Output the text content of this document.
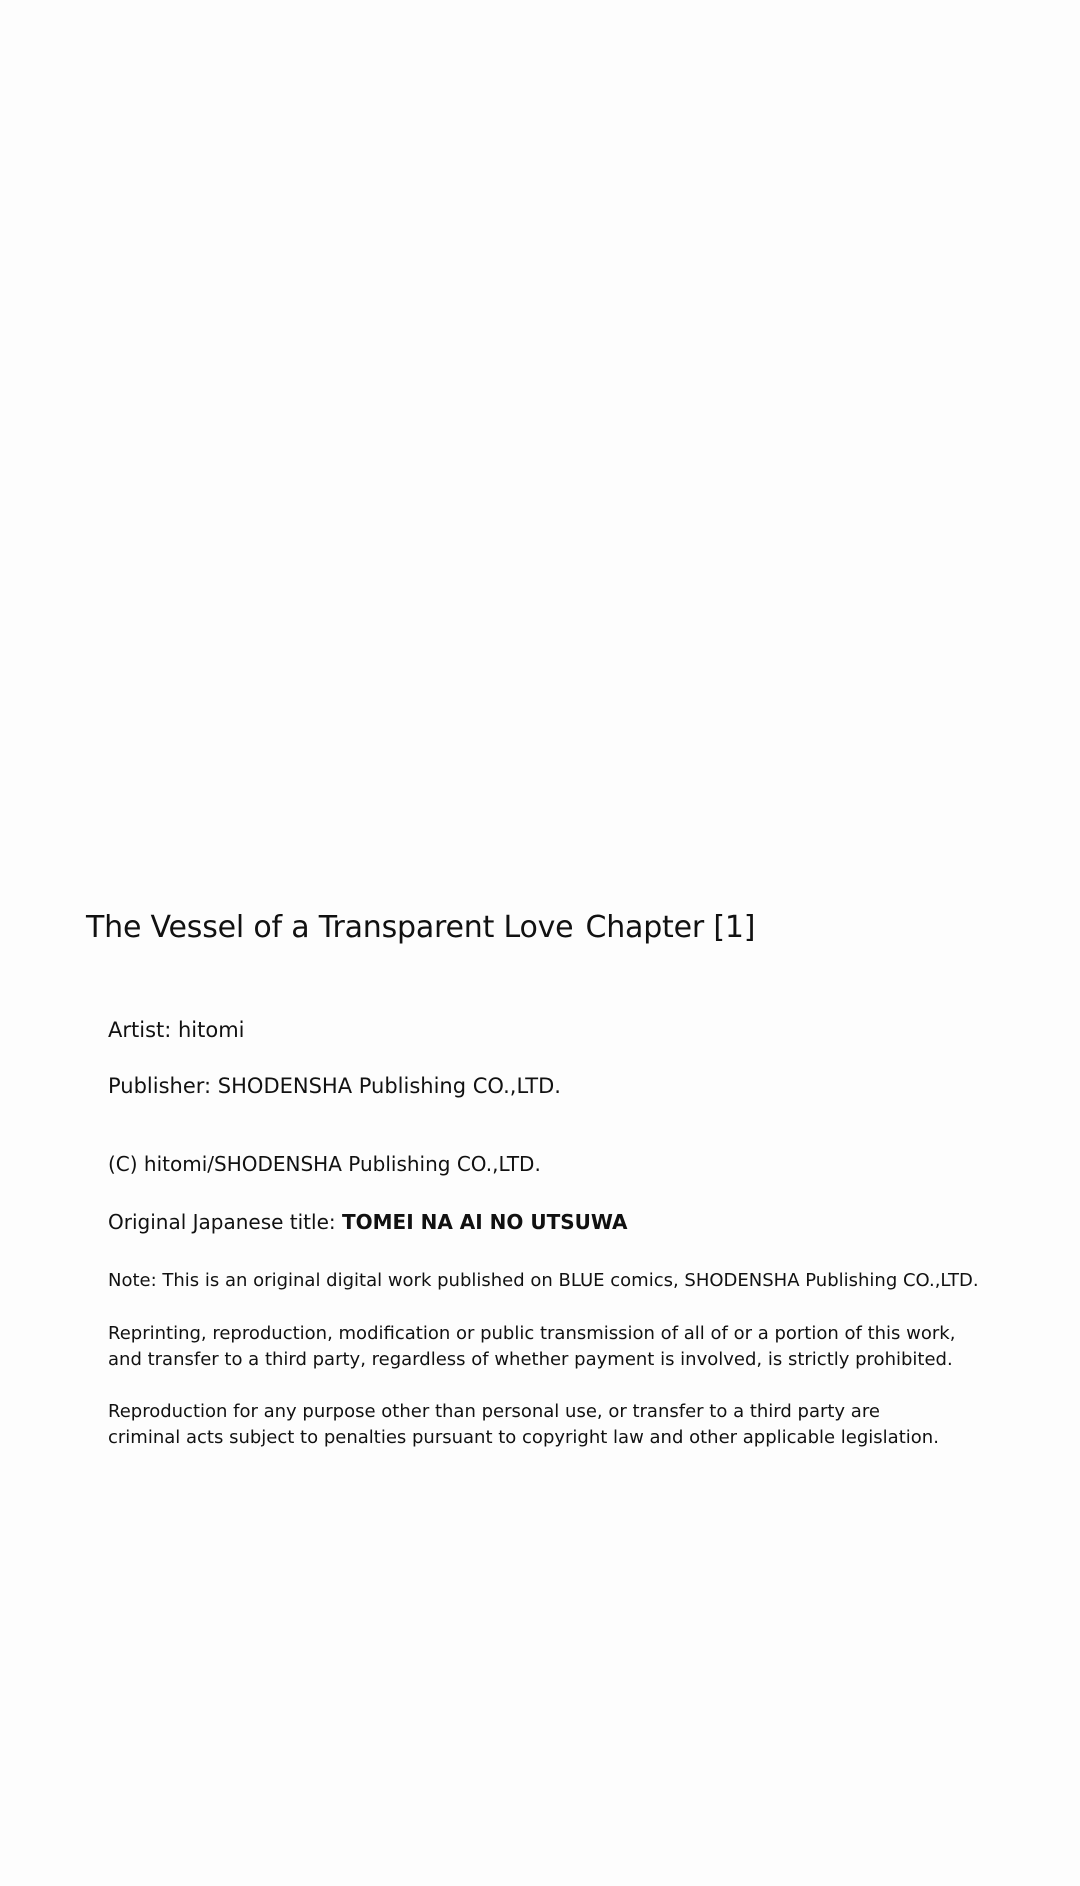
The Vessel of a Transparent Love Chapter [1]
Artist: hitomi
Publisher: SHODENSHA Publishing CO.,LTD.
(C) hitomi/SHODENSHA Publishing CO.,LTD.
Original Japanese title: TOMEI NA AI NO UTSUWA
Note: This is an original digital work published on BLUE comics, SHODENSHA Publishing CO.,LTD.
Reprinting, reproduction, modification or public transmission of all of or a portion of this work,
and transfer to a third party, regardless of whether payment is involved, is strictly prohibited.
Reproduction for any purpose other than personal use, or transfer to a third party are
criminal acts subject to penalties pursuant to copyright law and other applicable legislation.
